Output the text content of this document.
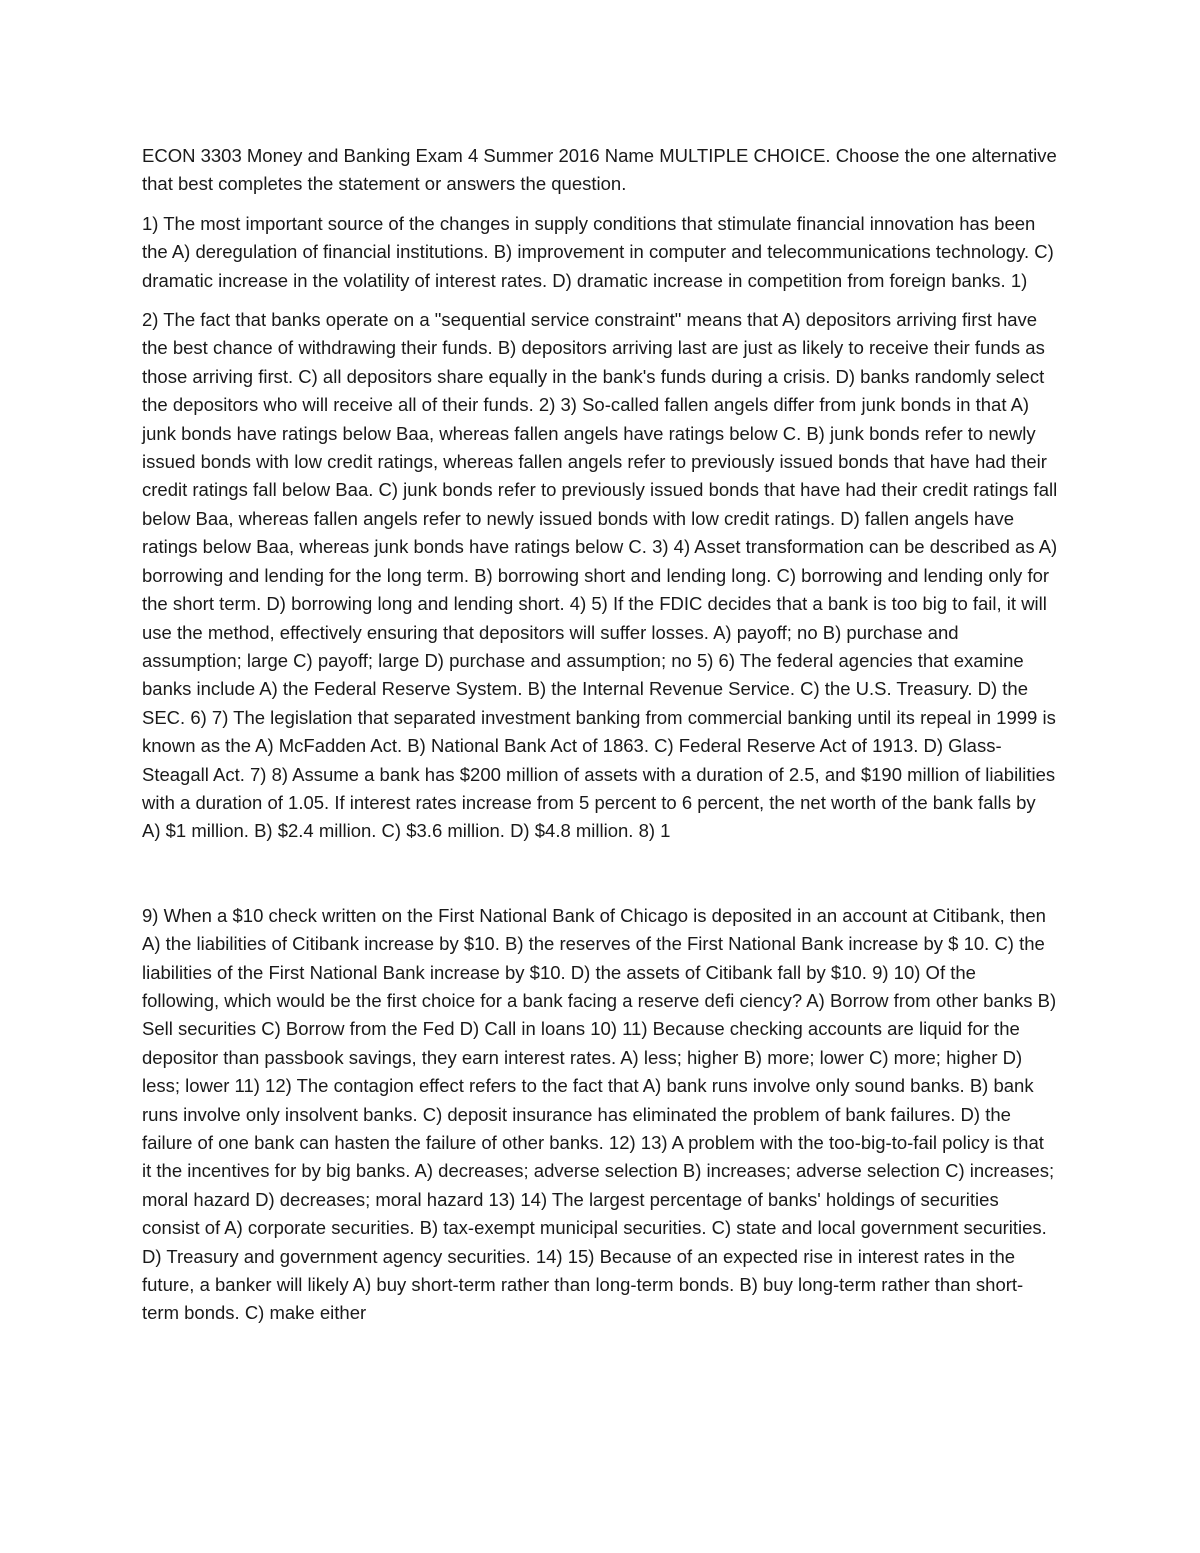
ECON 3303 Money and Banking Exam 4 Summer 2016 Name MULTIPLE CHOICE. Choose the one alternative that best completes the statement or answers the question.

1) The most important source of the changes in supply conditions that stimulate financial innovation has been the A) deregulation of financial institutions. B) improvement in computer and telecommunications technology. C) dramatic increase in the volatility of interest rates. D) dramatic increase in competition from foreign banks. 1)

2) The fact that banks operate on a "sequential service constraint" means that A) depositors arriving first have the best chance of withdrawing their funds. B) depositors arriving last are just as likely to receive their funds as those arriving first. C) all depositors share equally in the bank's funds during a crisis. D) banks randomly select the depositors who will receive all of their funds. 2) 3) So-called fallen angels differ from junk bonds in that A) junk bonds have ratings below Baa, whereas fallen angels have ratings below C. B) junk bonds refer to newly issued bonds with low credit ratings, whereas fallen angels refer to previously issued bonds that have had their credit ratings fall below Baa. C) junk bonds refer to previously issued bonds that have had their credit ratings fall below Baa, whereas fallen angels refer to newly issued bonds with low credit ratings. D) fallen angels have ratings below Baa, whereas junk bonds have ratings below C. 3) 4) Asset transformation can be described as A) borrowing and lending for the long term. B) borrowing short and lending long. C) borrowing and lending only for the short term. D) borrowing long and lending short. 4) 5) If the FDIC decides that a bank is too big to fail, it will use the method, effectively ensuring that depositors will suffer losses. A) payoff; no B) purchase and assumption; large C) payoff; large D) purchase and assumption; no 5) 6) The federal agencies that examine banks include A) the Federal Reserve System. B) the Internal Revenue Service. C) the U.S. Treasury. D) the SEC. 6) 7) The legislation that separated investment banking from commercial banking until its repeal in 1999 is known as the A) McFadden Act. B) National Bank Act of 1863. C) Federal Reserve Act of 1913. D) Glass-Steagall Act. 7) 8) Assume a bank has $200 million of assets with a duration of 2.5, and $190 million of liabilities with a duration of 1.05. If interest rates increase from 5 percent to 6 percent, the net worth of the bank falls by A) $1 million. B) $2.4 million. C) $3.6 million. D) $4.8 million. 8) 1

9) When a $10 check written on the First National Bank of Chicago is deposited in an account at Citibank, then A) the liabilities of Citibank increase by $10. B) the reserves of the First National Bank increase by $ 10. C) the liabilities of the First National Bank increase by $10. D) the assets of Citibank fall by $10. 9) 10) Of the following, which would be the first choice for a bank facing a reserve defi ciency? A) Borrow from other banks B) Sell securities C) Borrow from the Fed D) Call in loans 10) 11) Because checking accounts are liquid for the depositor than passbook savings, they earn interest rates. A) less; higher B) more; lower C) more; higher D) less; lower 11) 12) The contagion effect refers to the fact that A) bank runs involve only sound banks. B) bank runs involve only insolvent banks. C) deposit insurance has eliminated the problem of bank failures. D) the failure of one bank can hasten the failure of other banks. 12) 13) A problem with the too-big-to-fail policy is that it the incentives for by big banks. A) decreases; adverse selection B) increases; adverse selection C) increases; moral hazard D) decreases; moral hazard 13) 14) The largest percentage of banks' holdings of securities consist of A) corporate securities. B) tax-exempt municipal securities. C) state and local government securities. D) Treasury and government agency securities. 14) 15) Because of an expected rise in interest rates in the future, a banker will likely A) buy short-term rather than long-term bonds. B) buy long-term rather than short-term bonds. C) make either
